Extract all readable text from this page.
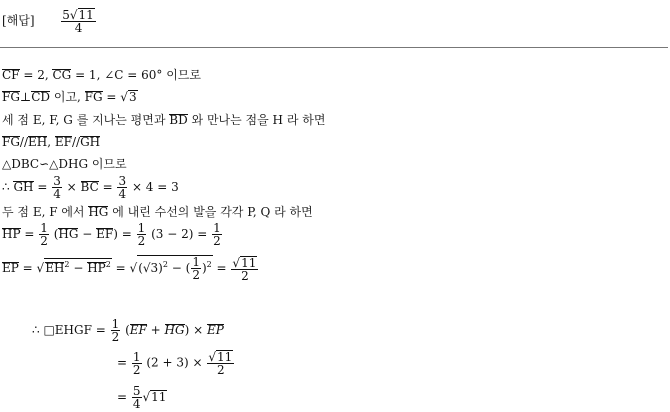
[해답] $\frac{5√11}{4}$
CF = 2, CG = 1, ∠C = 60° 이므로
FG⊥CD 이고, FG = √3
세 점 E, F, G 를 지나는 평면과 BD 와 만나는 점을 H 라 하면
FG//EH, EF//GH
△DBC∽△DHG 이므로
∴ GH = $\frac{3}{4}$ × BC = $\frac{3}{4} \times 4 = 3$
두 점 E, F 에서 HG 에 내린 수선의 발을 각각 P, Q 라 하면
HP = $\frac{1}{2} (HG - EF) = \frac{1}{2} (3 - 2) = \frac{1}{2}$
EP = $√EH^2 - HP^2 = √(√3)^2$ − ( $\frac{1}{2} )^2 = \frac{√11}{2}$
∴ □EHGF = $\frac{1}{2} (EF + HG)$ × EP
= $\frac{1}{2} (2 + 3) \times \frac{√11}{2}$
= $\frac{5}{4} √11$
